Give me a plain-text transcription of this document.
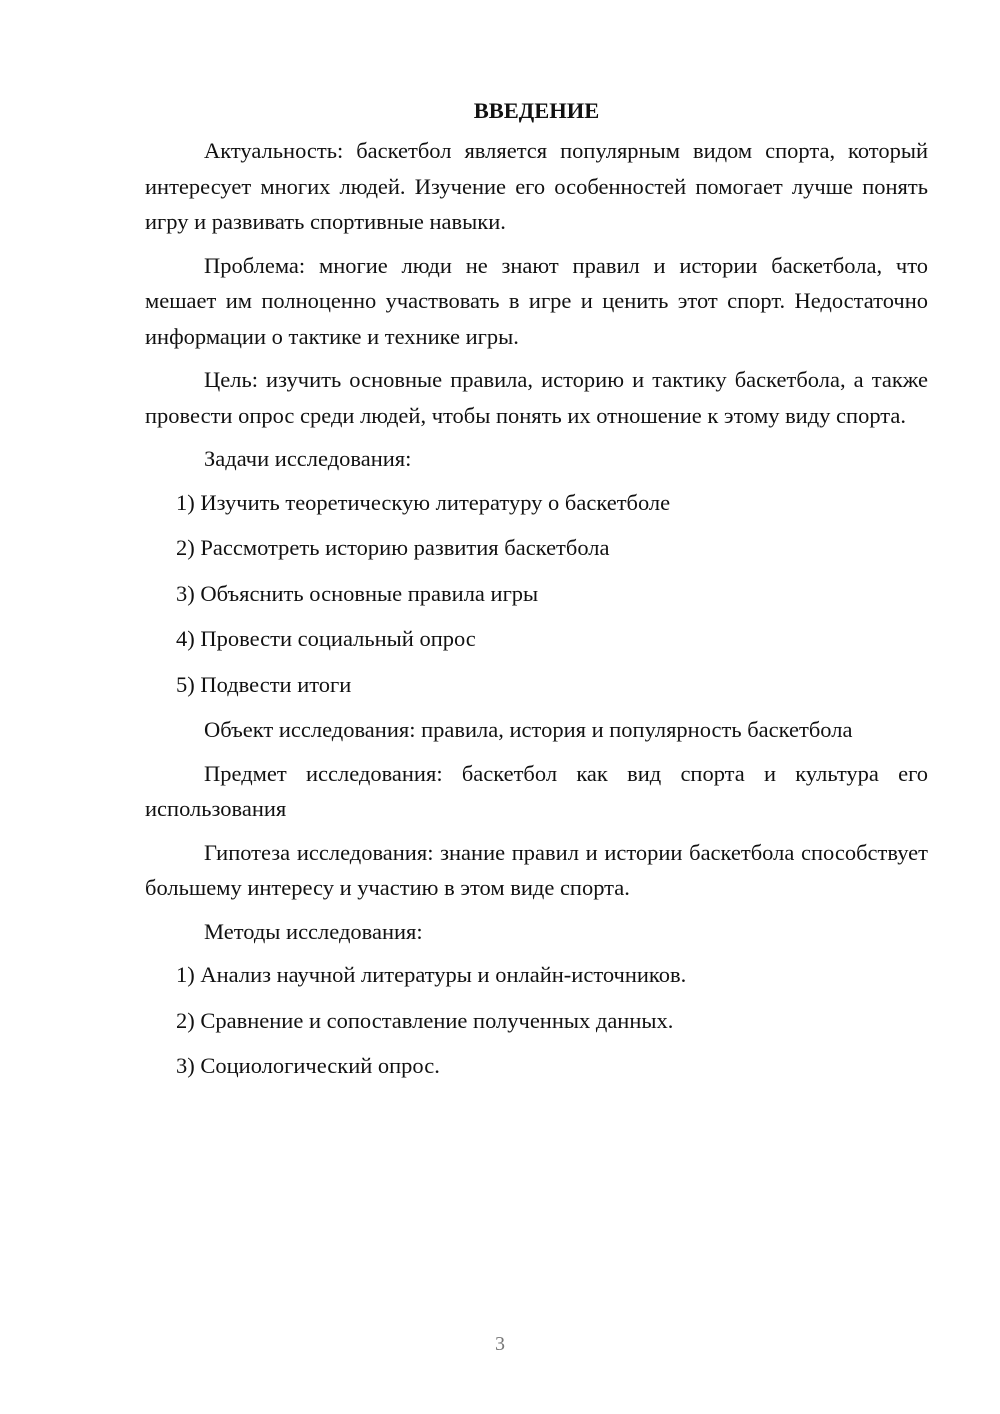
ВВЕДЕНИЕ

Актуальность: баскетбол является популярным видом спорта, который интересует многих людей. Изучение его особенностей помогает лучше понять игру и развивать спортивные навыки.

Проблема: многие люди не знают правил и истории баскетбола, что мешает им полноценно участвовать в игре и ценить этот спорт. Недостаточно информации о тактике и технике игры.

Цель: изучить основные правила, историю и тактику баскетбола, а также провести опрос среди людей, чтобы понять их отношение к этому виду спорта.

Задачи исследования:

1) Изучить теоретическую литературу о баскетболе

2) Рассмотреть историю развития баскетбола

3) Объяснить основные правила игры

4) Провести социальный опрос

5) Подвести итоги

Объект исследования: правила, история и популярность баскетбола

Предмет исследования: баскетбол как вид спорта и культура его использования

Гипотеза исследования: знание правил и истории баскетбола способствует большему интересу и участию в этом виде спорта.

Методы исследования:

1) Анализ научной литературы и онлайн-источников.

2) Сравнение и сопоставление полученных данных.

3) Социологический опрос.

3
